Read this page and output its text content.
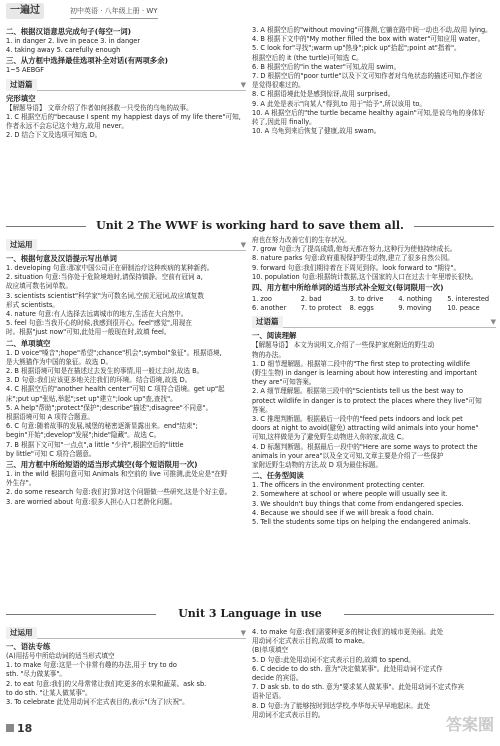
一遍过	初中英语 · 八年级上册 · WY

二、根据汉语意思完成句子(每空一词)

1. in danger 2. live in peace 3. in danger

4. taking away 5. carefully enough

三、从方框中选择最佳选项补全对话(有两项多余)

1~5 AEBGF

过语篇	▼

完形填空

【解题导语】 文章介绍了作者如何拯救一只受伤的乌龟的故事。

1. C 根据空后的"because I spent my happiest days of my life there"可知,

作者永远不会忘记这个地方,故用 never。

2. D 结合下文及选项可知选 D。

3. A 根据空后的"without moving"可推测,它躺在路中间一动也不动,故用 lying。

4. B 根据下文中的"My mother filled the box with water"可知应用 water。

5. C look for"寻找";warm up"热身";pick up"拾起";point at"指着"。

根据空后的 it (the turtle)可知选 C。

6. B 根据空后的"in the water"可知,故用 swim。

7. D 根据空后的"poor turtle"以及下文可知作者对乌龟状态的描述可知,作者应

是觉得很难过的。

8. C 根据语境此处是感到惊讶,故用 surprised。

9. A 此处是表示"向某人"得到,to 用于"给予",所以该用 to。

10. A 根据空后的"the turtle became healthy again"可知,是说乌龟的身体好

转了,因此用 finally。

10. A 乌龟到来后恢复了健康,故用 swam。

Unit 2 The WWF is working hard to save them all.
过运用	▼

一、根据句意及汉语提示写出单词

1. developing 句意:那家中国公司正在研制治疗这种疾病的某种新药。

2. situation 句意:当你处于危险境地时,请保持镇静。空前有冠词 a,

故应填可数名词单数。

3. scientists scientist"科学家"为可数名词,空前无冠词,故应填复数

形式 scientists。

4. nature 句意:有人选择去远离城市的地方,生活在大自然中。

5. feel 句意:当我开心的时候,我感到很开心。feel"感觉",用现在

时。根据"just now"可知,此处用一般现在时,故填 feel。

二、单项填空

1. D voice"嗓音";hope"希望";chance"机会";symbol"象征"。根据语境,

是大熊猫作为中国的象征。故选 D。

2. B 根据语境可知是在描述过去发生的事情,用一般过去时,故选 B。

3. D 句意:我们应该更多地关注我们的环境。结合语境,故选 D。

4. C 根据空后的"another health center"可知 C 项符合语境。get up"起

床";put up"张贴,举起";set up"建立";look up"查,查找"。

5. A help"帮助";protect"保护";describe"描述";disagree"不同意"。

根据语境可知 A 项符合题意。

6. C 句意:随着故事的发展,城堡的秘密逐渐显露出来。end"结束";

begin"开始";develop"发展";hide"隐藏"。故选 C。

7. B 根据下文可知"一点点",a little "少许",根据空后的"little

by little"可知 C 项符合题意。

三、用方框中所给短语的适当形式填空(每个短语限用一次)

1. in the wild 根据句意可知 Animals 和空前的 live 可推测,此处应是"在野

外生存"。

2. do some research 句意:我们打算对这个问题做一些研究,这是个好主意。

3. are worried about 句意:很多人担心人口老龄化问题。

府也在努力改善它们的生存状况。

7. grow 句意:为了提高成绩,他每天都在努力,这种行为使他持续成长。

8. nature parks 句意:政府重视保护野生动物,建立了很多自然公园。

9. forward 句意:我们期待着在下周见到你。look forward to "期待"。

10. population 句意:根据统计数据,这个国家的人口在过去十年里增长很快。

四、用方框中所给单词的适当形式补全短文(每词限用一次)

1. zoo	2. bad	3. to drive	4. nothing	5. interested
6. another	7. to protect	8. eggs	9. moving	10. peace
过语篇	▼

一、阅读理解

【解题导语】 本文为说明文,介绍了一些保护家庭附近的野生动

物的办法。

1. D 细节理解题。根据第二段中的"The first step to protecting wildlife

(野生生物) in danger is learning about how interesting and important

they are"可知答案。

2. A 细节理解题。根据第三段中的"Scientists tell us the best way to

protect wildlife in danger is to protect the places where they live"可知

答案。

3. C 推理判断题。根据最后一段中的"feed pets indoors and lock pet

doors at night to avoid(避免) attracting wild animals into your home"

可知,这样做是为了避免野生动物进入你的家,故选 C。

4. D 标题判断题。根据最后一段中的"Here are some ways to protect the

animals in your area"以及全文可知,文章主要是介绍了一些保护

家附近野生动物的方法,故 D 项为最佳标题。

二、任务型阅读

1. The officers in the environment protecting center.

2. Somewhere at school or where people will usually see it.

3. We shouldn't buy things that come from endangered species.

4. Because we should see if we will break a food chain.

5. Tell the students some tips on helping the endangered animals.

Unit 3 Language in use
过运用	▼

一、语法专练

(A)用括号中所给动词的适当形式填空

1. to make 句意:这是一个非常有趣的办法,用于 try to do

sth. "尽力做某事"。

2. to eat 句意:我们的父母常常让我们吃更多的水果和蔬菜。ask sb.

to do sth. "让某人做某事"。

3. To celebrate 此处用动词不定式表目的,表示"(为了)庆祝"。

4. to make 句意:我们需要种更多的树让我们的城市更美丽。此处

用动词不定式表示目的,故填 to make。

(B)单项填空

5. D 句意:此处用动词不定式表示目的,故填 to spend。

6. C decide to do sth. 意为"决定做某事"。此处用动词不定式作

decide 的宾语。

7. D ask sb. to do sth. 意为"要求某人做某事"。此处用动词不定式作宾

语补足语。

8. D 句意:为了能够按时到达学校,李华每天早早地起床。此处

用动词不定式表示目的。

18	答案圈
